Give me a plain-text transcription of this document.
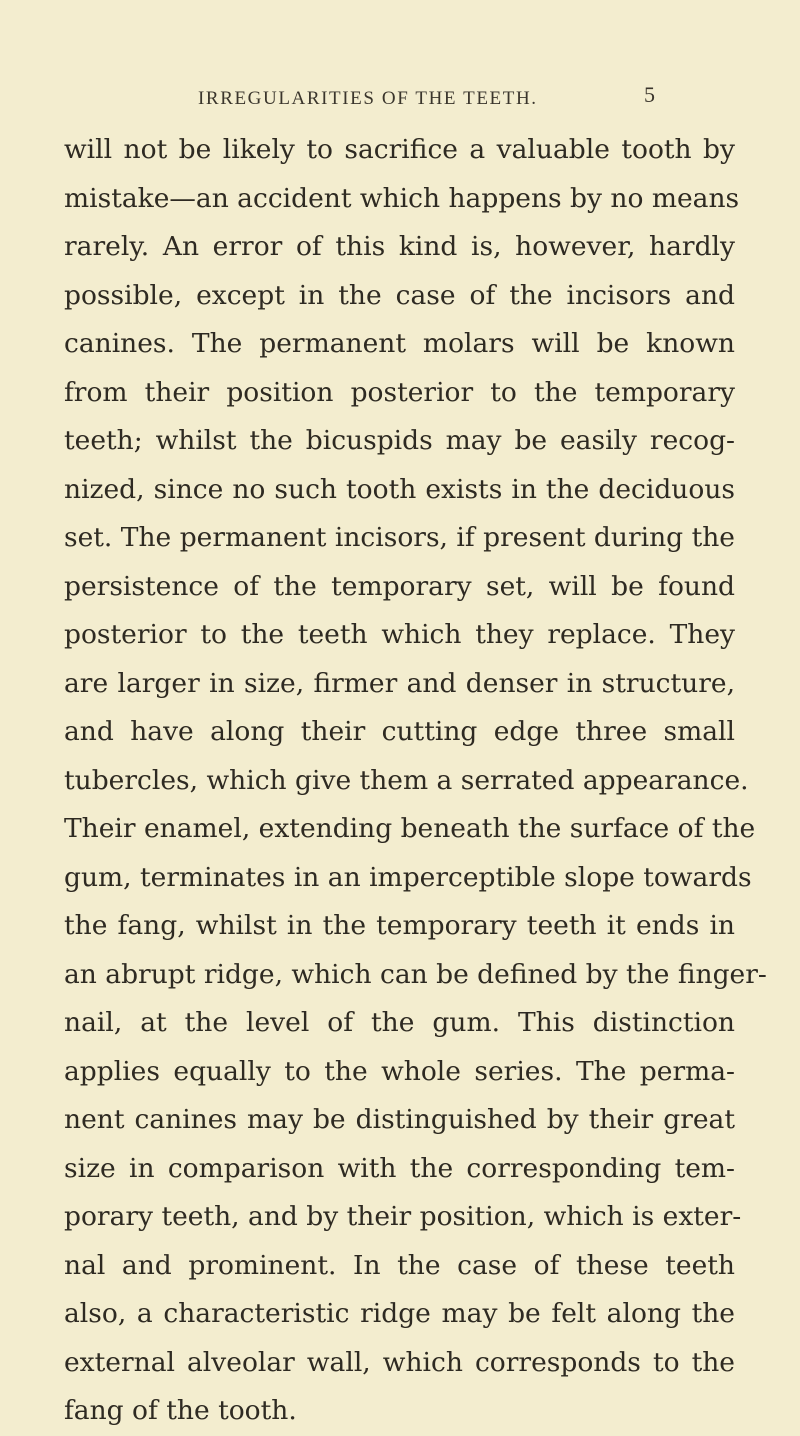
IRREGULARITIES OF THE TEETH.	5
will not be likely to sacrifice a valuable tooth by
mistake—an accident which happens by no means
rarely. An error of this kind is, however, hardly
possible, except in the case of the incisors and
canines. The permanent molars will be known
from their position posterior to the temporary
teeth; whilst the bicuspids may be easily recog-
nized, since no such tooth exists in the deciduous
set. The permanent incisors, if present during the
persistence of the temporary set, will be found
posterior to the teeth which they replace. They
are larger in size, firmer and denser in structure,
and have along their cutting edge three small
tubercles, which give them a serrated appearance.
Their enamel, extending beneath the surface of the
gum, terminates in an imperceptible slope towards
the fang, whilst in the temporary teeth it ends in
an abrupt ridge, which can be defined by the finger-
nail, at the level of the gum. This distinction
applies equally to the whole series. The perma-
nent canines may be distinguished by their great
size in comparison with the corresponding tem-
porary teeth, and by their position, which is exter-
nal and prominent. In the case of these teeth
also, a characteristic ridge may be felt along the
external alveolar wall, which corresponds to the
fang of the tooth.
